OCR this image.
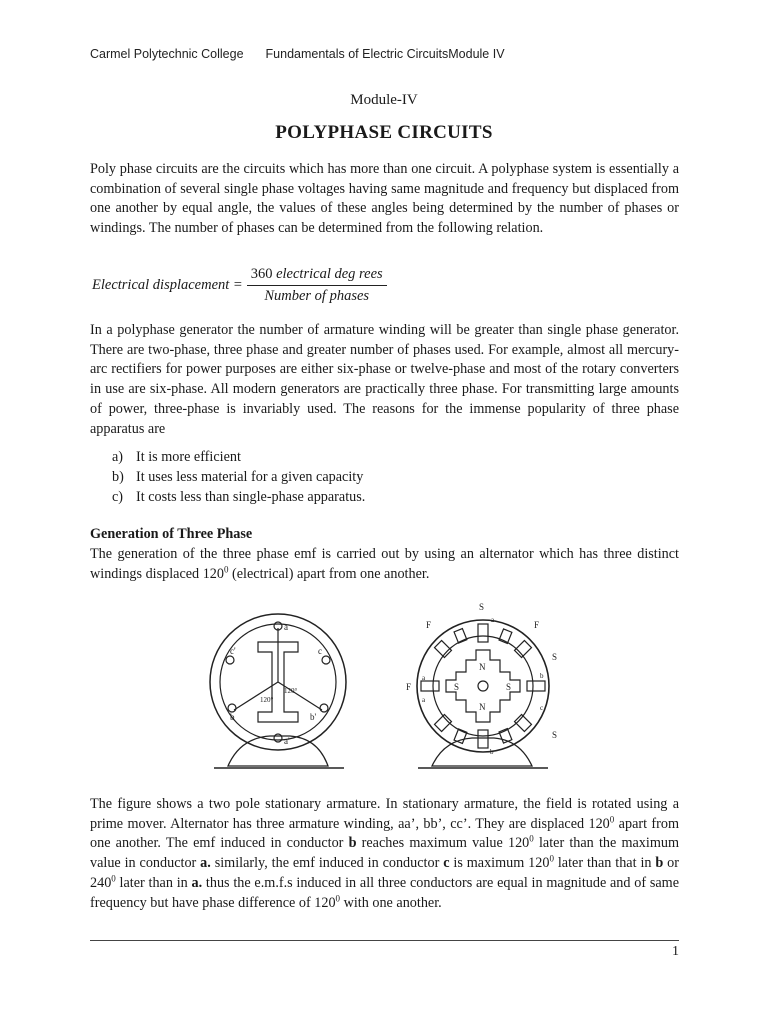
Carmel Polytechnic College Fundamentals of Electric CircuitsModule IV
Module-IV
POLYPHASE CIRCUITS

Poly phase circuits are the circuits which has more than one circuit. A polyphase system is essentially a combination of several single phase voltages having same magnitude and frequency but displaced from one another by equal angle, the values of these angles being determined by the number of phases or windings. The number of phases can be determined from the following relation.

Electrical displacement = $\frac{\text{360 electrical deg rees}}{\text{Number of phases}}$

In a polyphase generator the number of armature winding will be greater than single phase generator. There are two-phase, three phase and greater number of phases used. For example, almost all mercury-arc rectifiers for power purposes are either six-phase or twelve-phase and most of the rotary converters in use are six-phase. All modern generators are practically three phase. For transmitting large amounts of power, three-phase is invariably used. The reasons for the immense popularity of three phase apparatus are

a) It is more efficient
b) It uses less material for a given capacity
c) It costs less than single-phase apparatus.
Generation of Three Phase

The generation of the three phase emf is carried out by using an alternator which has three distinct windings displaced $120^0$ (electrical) apart from one another.

a
c'	c
b	b'
a'
120°
120°
S
a
F	F
S
b
S	S
N
N
F
a
a
b
c
S

The figure shows a two pole stationary armature. In stationary armature, the field is rotated using a prime mover. Alternator has three armature winding, aa’, bb’, cc’. They are displaced $120^0$ apart from one another. The emf induced in conductor b reaches maximum value $120^0$ later than the maximum value in conductor a. similarly, the emf induced in conductor c is maximum $120^0$ later than that in b or $240^0$ later than in a. thus the e.m.f.s induced in all three conductors are equal in magnitude and of same frequency but have phase difference of $120^0$ with one another.

1
